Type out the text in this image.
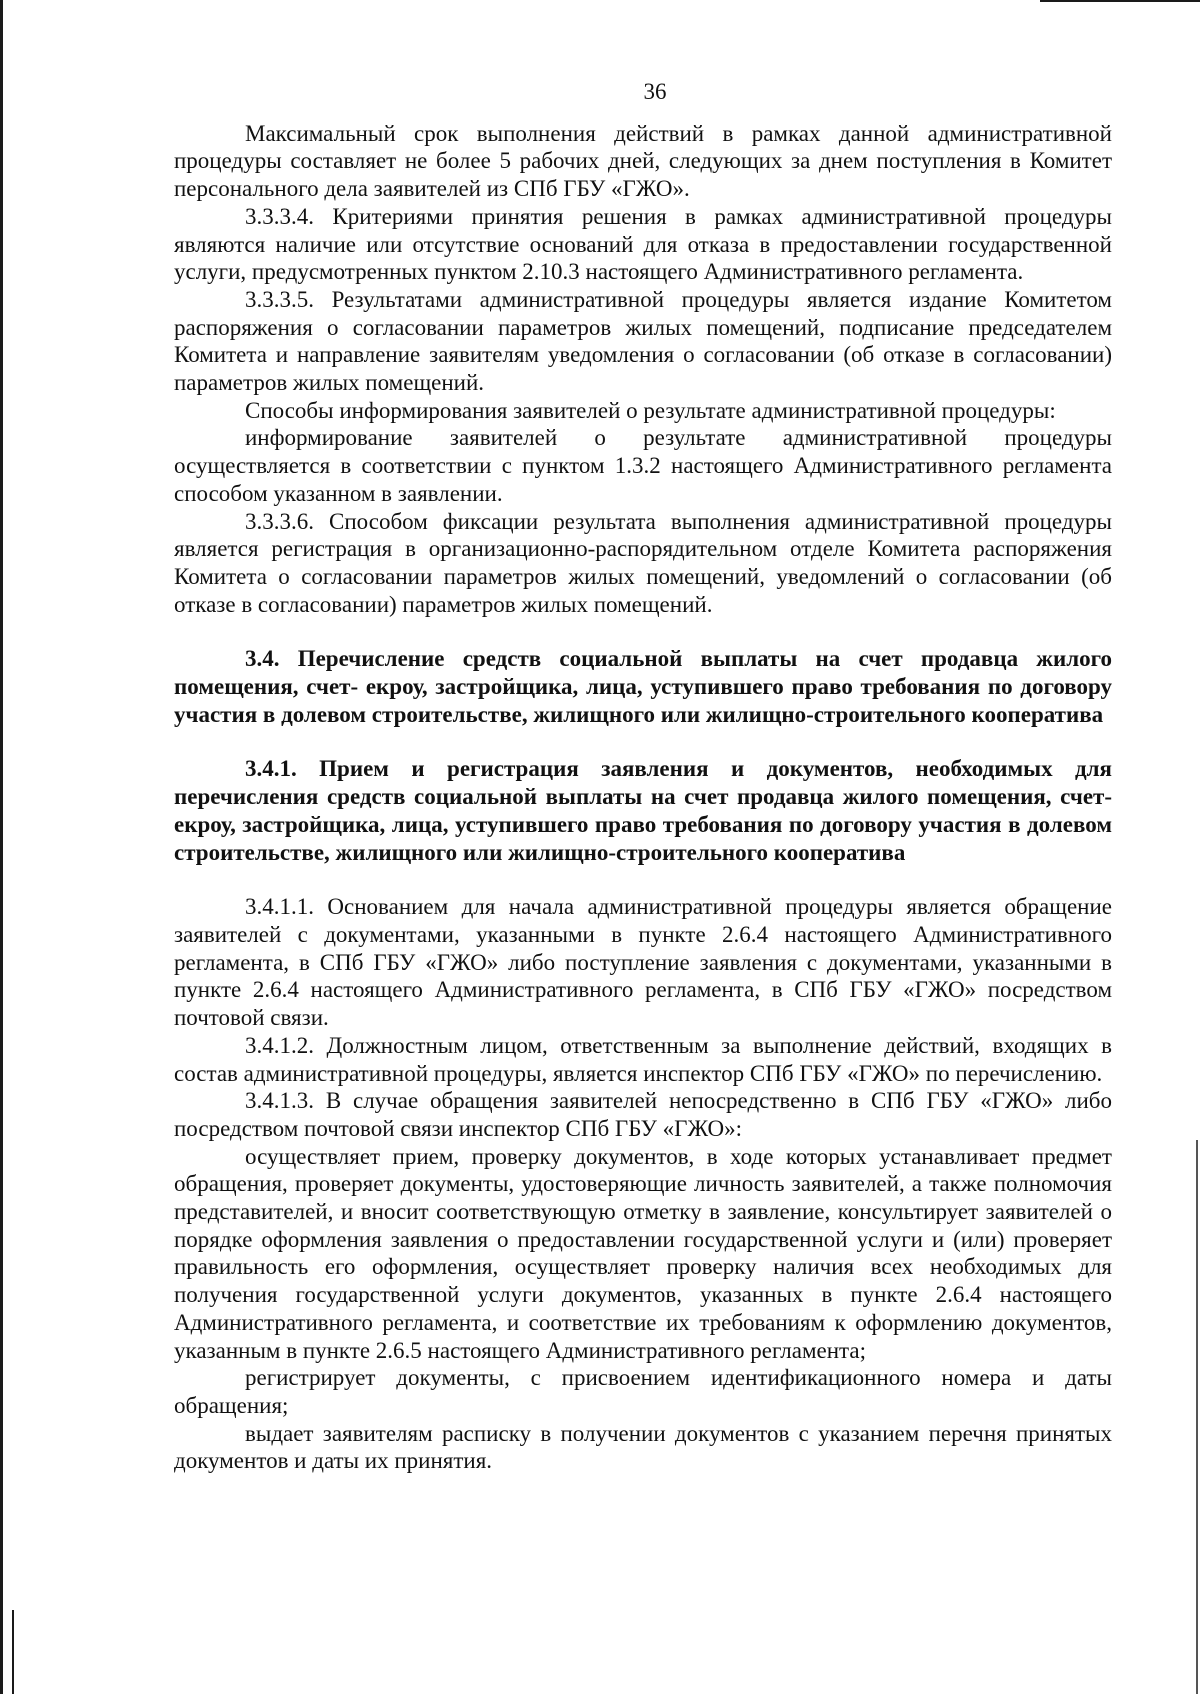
36

Максимальный срок выполнения действий в рамках данной административной процедуры составляет не более 5 рабочих дней, следующих за днем поступления в Комитет персонального дела заявителей из СПб ГБУ «ГЖО».

3.3.3.4. Критериями принятия решения в рамках административной процедуры являются наличие или отсутствие оснований для отказа в предоставлении государственной услуги, предусмотренных пунктом 2.10.3 настоящего Административного регламента.

3.3.3.5. Результатами административной процедуры является издание Комитетом распоряжения о согласовании параметров жилых помещений, подписание председателем Комитета и направление заявителям уведомления о согласовании (об отказе в согласовании) параметров жилых помещений.

Способы информирования заявителей о результате административной процедуры:

информирование заявителей о результате административной процедуры осуществляется в соответствии с пунктом 1.3.2 настоящего Административного регламента способом указанном в заявлении.

3.3.3.6. Способом фиксации результата выполнения административной процедуры является регистрация в организационно-распорядительном отделе Комитета распоряжения Комитета о согласовании параметров жилых помещений, уведомлений о согласовании (об отказе в согласовании) параметров жилых помещений.

3.4. Перечисление средств социальной выплаты на счет продавца жилого помещения, счет- екроу, застройщика, лица, уступившего право требования по договору участия в долевом строительстве, жилищного или жилищно-строительного кооператива

3.4.1. Прием и регистрация заявления и документов, необходимых для перечисления средств социальной выплаты на счет продавца жилого помещения, счет- екроу, застройщика, лица, уступившего право требования по договору участия в долевом строительстве, жилищного или жилищно-строительного кооператива

3.4.1.1. Основанием для начала административной процедуры является обращение заявителей с документами, указанными в пункте 2.6.4 настоящего Административного регламента, в СПб ГБУ «ГЖО» либо поступление заявления с документами, указанными в пункте 2.6.4 настоящего Административного регламента, в СПб ГБУ «ГЖО» посредством почтовой связи.

3.4.1.2. Должностным лицом, ответственным за выполнение действий, входящих в состав административной процедуры, является инспектор СПб ГБУ «ГЖО» по перечислению.

3.4.1.3. В случае обращения заявителей непосредственно в СПб ГБУ «ГЖО» либо посредством почтовой связи инспектор СПб ГБУ «ГЖО»:

осуществляет прием, проверку документов, в ходе которых устанавливает предмет обращения, проверяет документы, удостоверяющие личность заявителей, а также полномочия представителей, и вносит соответствующую отметку в заявление, консультирует заявителей о порядке оформления заявления о предоставлении государственной услуги и (или) проверяет правильность его оформления, осуществляет проверку наличия всех необходимых для получения государственной услуги документов, указанных в пункте 2.6.4 настоящего Административного регламента, и соответствие их требованиям к оформлению документов, указанным в пункте 2.6.5 настоящего Административного регламента;

регистрирует документы, с присвоением идентификационного номера и даты обращения;

выдает заявителям расписку в получении документов с указанием перечня принятых документов и даты их принятия.
